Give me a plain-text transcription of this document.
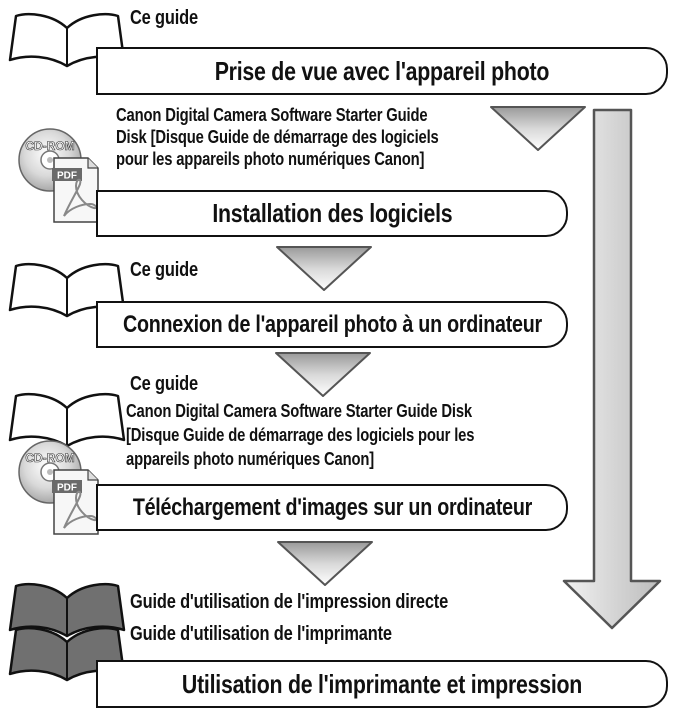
CD-ROM
PDF
CD-ROM
PDF
Prise de vue avec l'appareil photo
Installation des logiciels
Connexion de l'appareil photo à un ordinateur
Téléchargement d'images sur un ordinateur
Utilisation de l'imprimante et impression
Ce guide
Canon Digital Camera Software Starter Guide
Disk [Disque Guide de démarrage des logiciels
pour les appareils photo numériques Canon]
Ce guide
Ce guide
Canon Digital Camera Software Starter Guide Disk
[Disque Guide de démarrage des logiciels pour les
appareils photo numériques Canon]
Guide d'utilisation de l'impression directe
Guide d'utilisation de l'imprimante
